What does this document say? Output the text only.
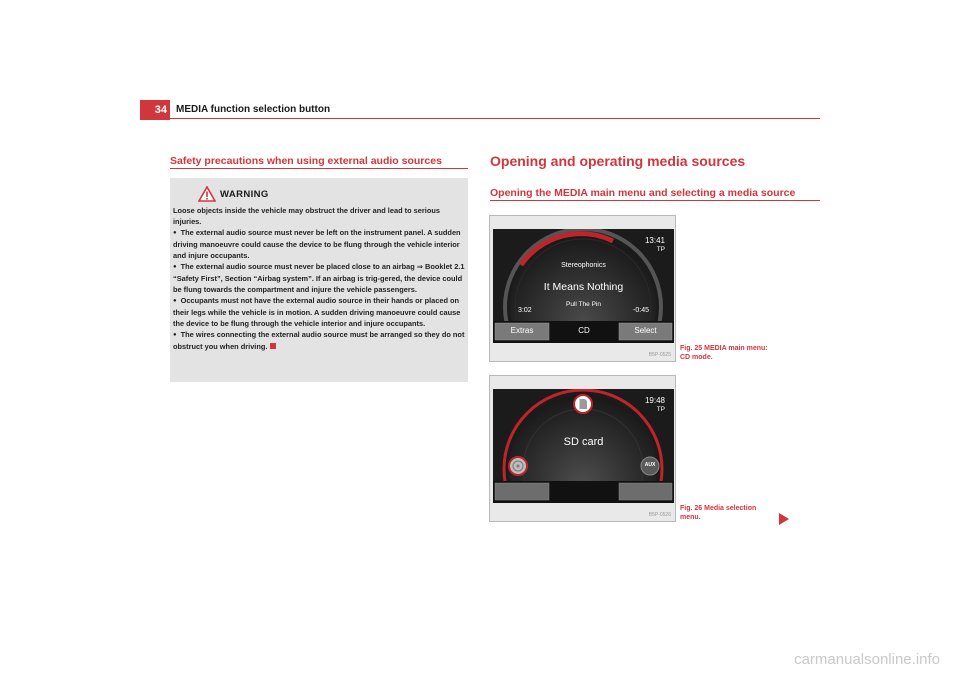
34 MEDIA function selection button
Safety precautions when using external audio sources
WARNING

Loose objects inside the vehicle may obstruct the driver and lead to serious injuries.

● The external audio source must never be left on the instrument panel. A sudden driving manoeuvre could cause the device to be flung through the vehicle interior and injure occupants.

● The external audio source must never be placed close to an airbag ⇒ Booklet 2.1 “Safety First”, Section “Airbag system”. If an airbag is trig-gered, the device could be flung towards the compartment and injure the vehicle passengers.

● Occupants must not have the external audio source in their hands or placed on their legs while the vehicle is in motion. A sudden driving manoeuvre could cause the device to be flung through the vehicle interior and injure occupants.

● The wires connecting the external audio source must be arranged so they do not obstruct you when driving.

Opening and operating media sources
Opening the MEDIA main menu and selecting a media source
13:41
TP
Stereophonics
It Means Nothing
Pull The Pin
3:02	-0:45
Extras	CD	Select
B5P-0525
Fig. 25 MEDIA main menu: CD mode.
AUX
19:48
TP
SD card
B5P-0526
Fig. 26 Media selection menu.
carmanualsonline.info
